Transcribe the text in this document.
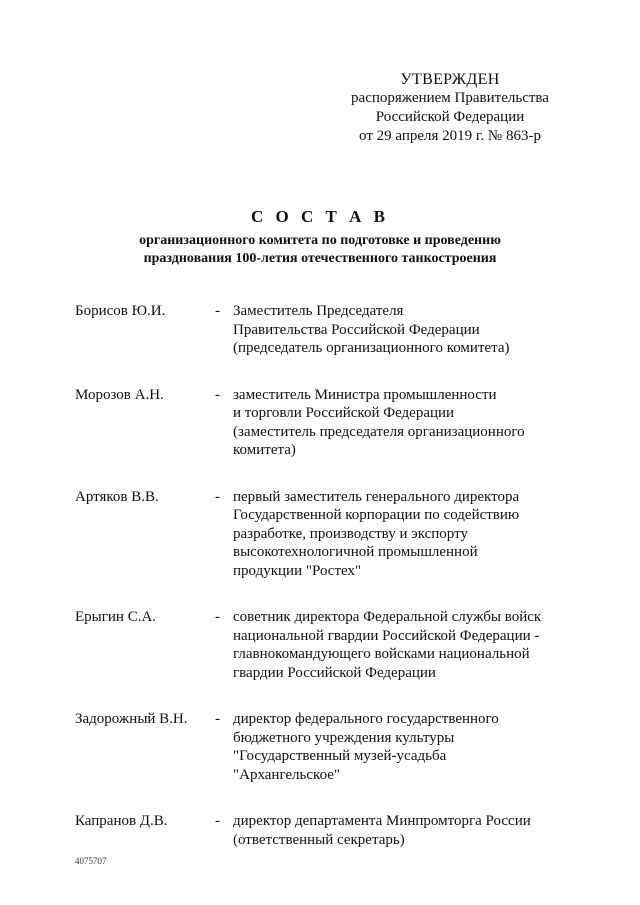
УТВЕРЖДЕН
распоряжением Правительства
Российской Федерации
от 29 апреля 2019 г. № 863-р
С О С Т А В
организационного комитета по подготовке и проведению
празднования 100-летия отечественного танкостроения
Борисов Ю.И.	- Заместитель Председателя
Правительства Российской Федерации
(председатель организационного комитета)
Морозов А.Н.	- заместитель Министра промышленности
и торговли Российской Федерации
(заместитель председателя организационного
комитета)
Артяков В.В.	- первый заместитель генерального директора
Государственной корпорации по содействию
разработке, производству и экспорту
высокотехнологичной промышленной
продукции "Ростех"
Ерыгин С.А.	- советник директора Федеральной службы войск
национальной гвардии Российской Федерации -
главнокомандующего войсками национальной
гвардии Российской Федерации
Задорожный В.Н.	- директор федерального государственного
бюджетного учреждения культуры
"Государственный музей-усадьба
"Архангельское"
Капранов Д.В.	- директор департамента Минпромторга России
(ответственный секретарь)
4075707
